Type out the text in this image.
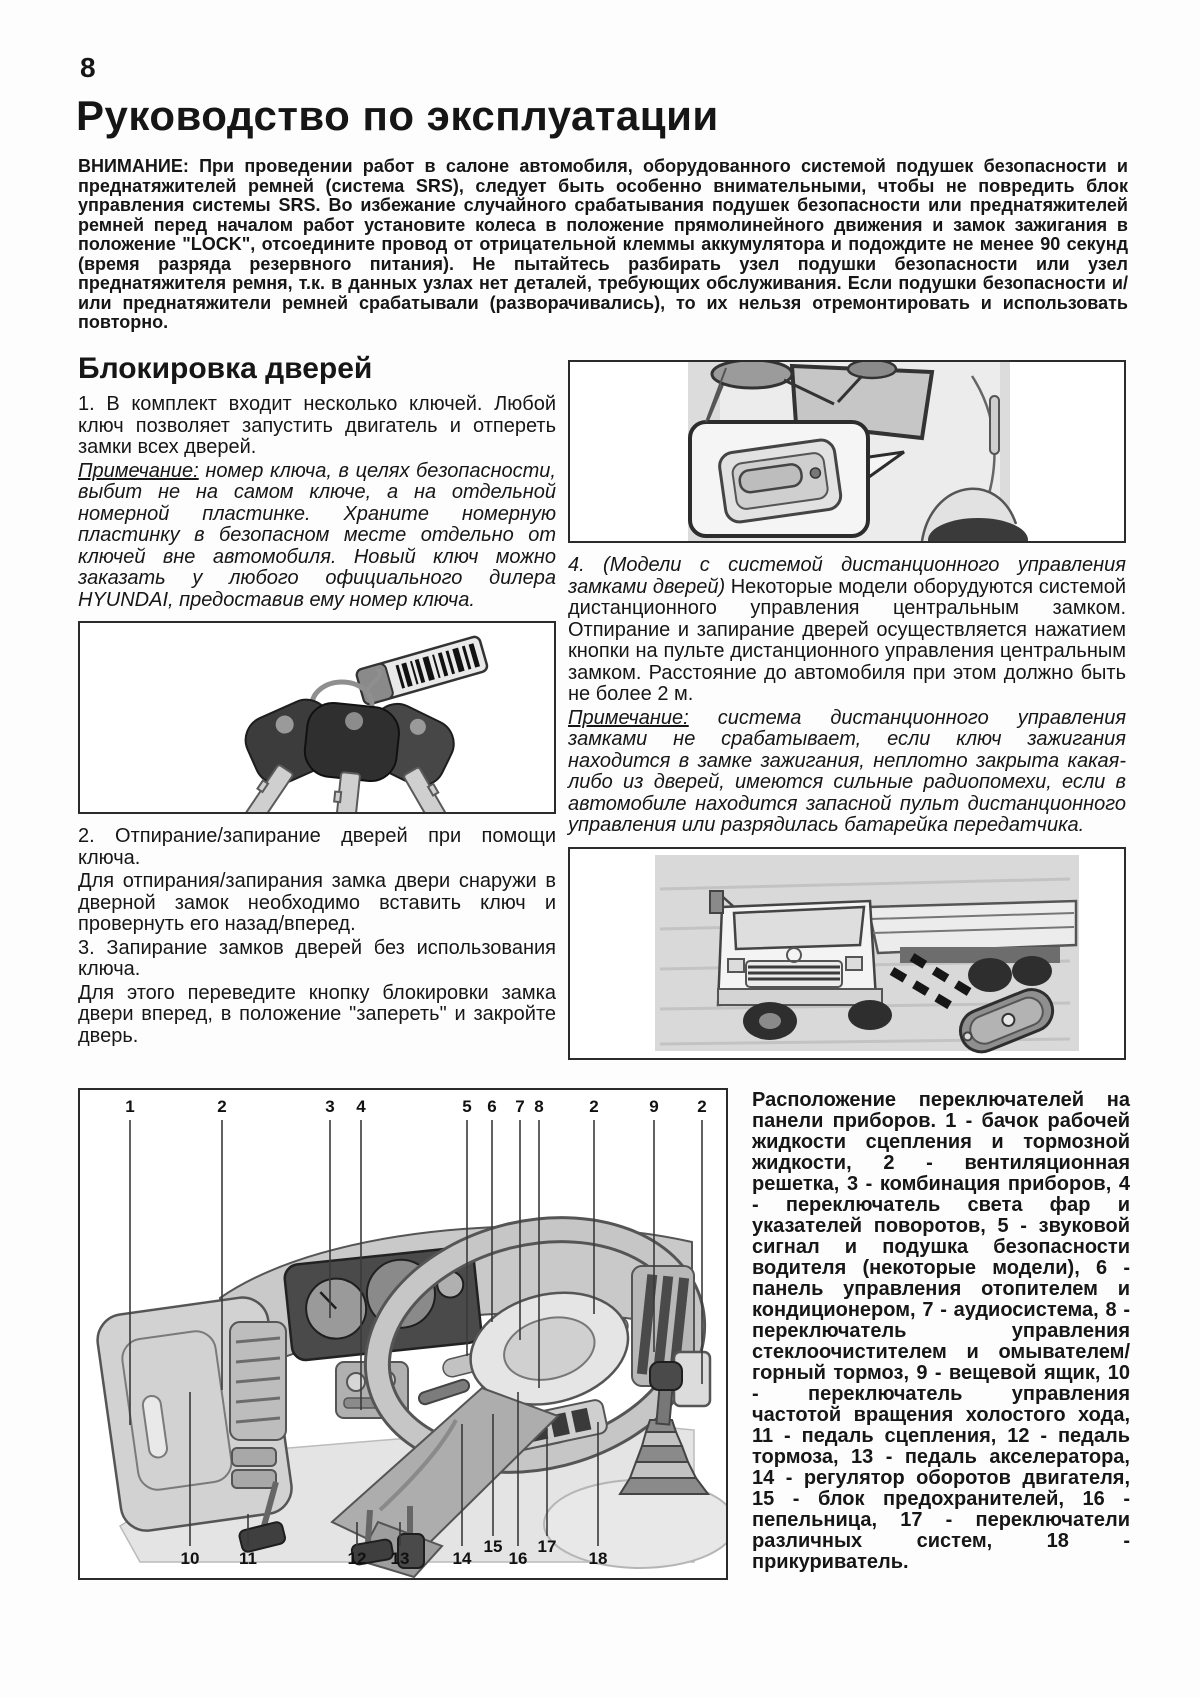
8
Руководство по эксплуатации

ВНИМАНИЕ: При проведении работ в салоне автомобиля, оборудованного системой подушек безопасности и преднатяжителей ремней (система SRS), следует быть особенно внимательными, чтобы не повредить блок управления системы SRS. Во избежание случайного срабатывания подушек безопасности или преднатяжителей ремней перед началом работ установите колеса в положение прямолинейного движения и замок зажигания в положение "LOCK", отсоедините провод от отрицательной клеммы аккумулятора и подождите не менее 90 секунд (время разряда резервного питания). Не пытайтесь разбирать узел подушки безопасности или узел преднатяжителя ремня, т.к. в данных узлах нет деталей, требующих обслуживания. Если подушки безопасности и/или преднатяжители ремней срабатывали (разворачивались), то их нельзя отремонтировать и использовать повторно.

Блокировка дверей

1. В комплект входит несколько ключей. Любой ключ позволяет запустить двигатель и отпереть замки всех дверей.

Примечание: номер ключа, в целях безопасности, выбит не на самом ключе, а на отдельной номерной пластинке. Храните номерную пластинку в безопасном месте отдельно от ключей вне автомобиля. Новый ключ можно заказать у любого официального дилера HYUNDAI, предоставив ему номер ключа.

2. Отпирание/запирание дверей при помощи ключа.

Для отпирания/запирания замка двери снаружи в дверной замок необходимо вставить ключ и провернуть его назад/вперед.

3. Запирание замков дверей без использования ключа.

Для этого переведите кнопку блокировки замка двери вперед, в положение "запереть" и закройте дверь.

4. (Модели с системой дистанционного управления замками дверей) Некоторые модели оборудуются системой дистанционного управления центральным замком. Отпирание и запирание дверей осуществляется нажатием кнопки на пульте дистанционного управления центральным замком. Расстояние до автомобиля при этом должно быть не более 2 м.

Примечание: система дистанционного управления замками не срабатывает, если ключ зажигания находится в замке зажигания, неплотно закрыта какая-либо из дверей, имеются сильные радиопомехи, если в автомобиле находится запасной пульт дистанционного управления или разрядилась батарейка передатчика.

1	2	3 4	5 6 7 8	2	9 2
10 11	12 13	14
15
16
17
18

Расположение переключателей на панели приборов. 1 - бачок рабочей жидкости сцепления и тормозной жидкости, 2 - вентиляционная решетка, 3 - комбинация приборов, 4 - переключатель света фар и указателей поворотов, 5 - звуковой сигнал и подушка безопасности водителя (некоторые модели), 6 - панель управления отопителем и кондиционером, 7 - аудиосистема, 8 - переключатель управления стеклоочистителем и омывателем/ горный тормоз, 9 - вещевой ящик, 10 - переключатель управления частотой вращения холостого хода, 11 - педаль сцепления, 12 - педаль тормоза, 13 - педаль акселератора, 14 - регулятор оборотов двигателя, 15 - блок предохранителей, 16 - пепельница, 17 - переключатели различных систем, 18 - прикуриватель.
